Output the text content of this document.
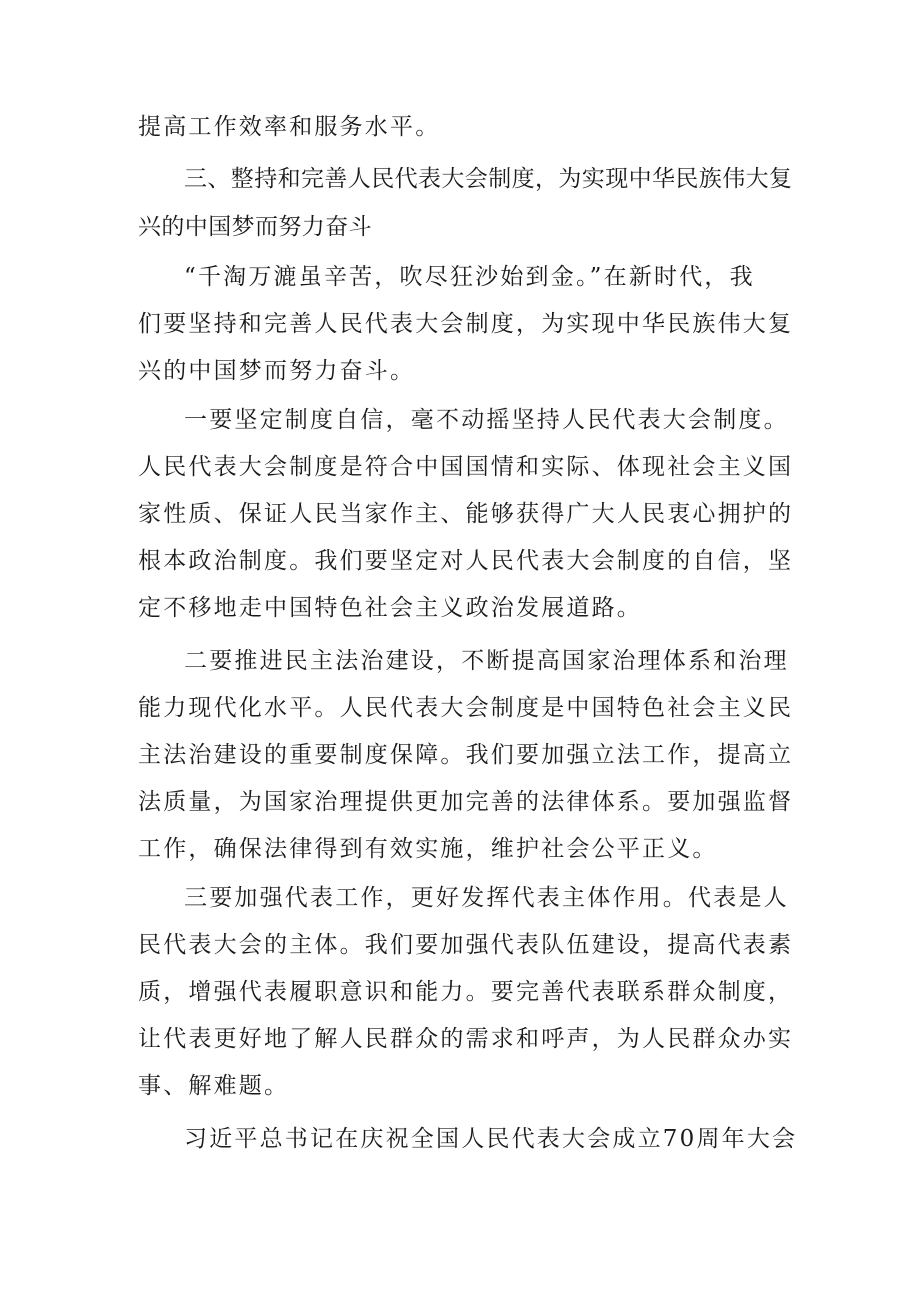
提高工作效率和服务水平。
三、整持和完善人民代表大会制度，为实现中华民族伟大复
兴的中国梦而努力奋斗
“千淘万漉虽辛苦，吹尽狂沙始到金。”在新时代，我
们要坚持和完善人民代表大会制度，为实现中华民族伟大复
兴的中国梦而努力奋斗。
一要坚定制度自信，毫不动摇坚持人民代表大会制度。
人民代表大会制度是符合中国国情和实际、体现社会主义国
家性质、保证人民当家作主、能够获得广大人民衷心拥护的
根本政治制度。我们要坚定对人民代表大会制度的自信，坚
定不移地走中国特色社会主义政治发展道路。
二要推进民主法治建设，不断提高国家治理体系和治理
能力现代化水平。人民代表大会制度是中国特色社会主义民
主法治建设的重要制度保障。我们要加强立法工作，提高立
法质量，为国家治理提供更加完善的法律体系。要加强监督
工作，确保法律得到有效实施，维护社会公平正义。
三要加强代表工作，更好发挥代表主体作用。代表是人
民代表大会的主体。我们要加强代表队伍建设，提高代表素
质，增强代表履职意识和能力。要完善代表联系群众制度，
让代表更好地了解人民群众的需求和呼声，为人民群众办实
事、解难题。
习近平总书记在庆祝全国人民代表大会成立70周年大会
